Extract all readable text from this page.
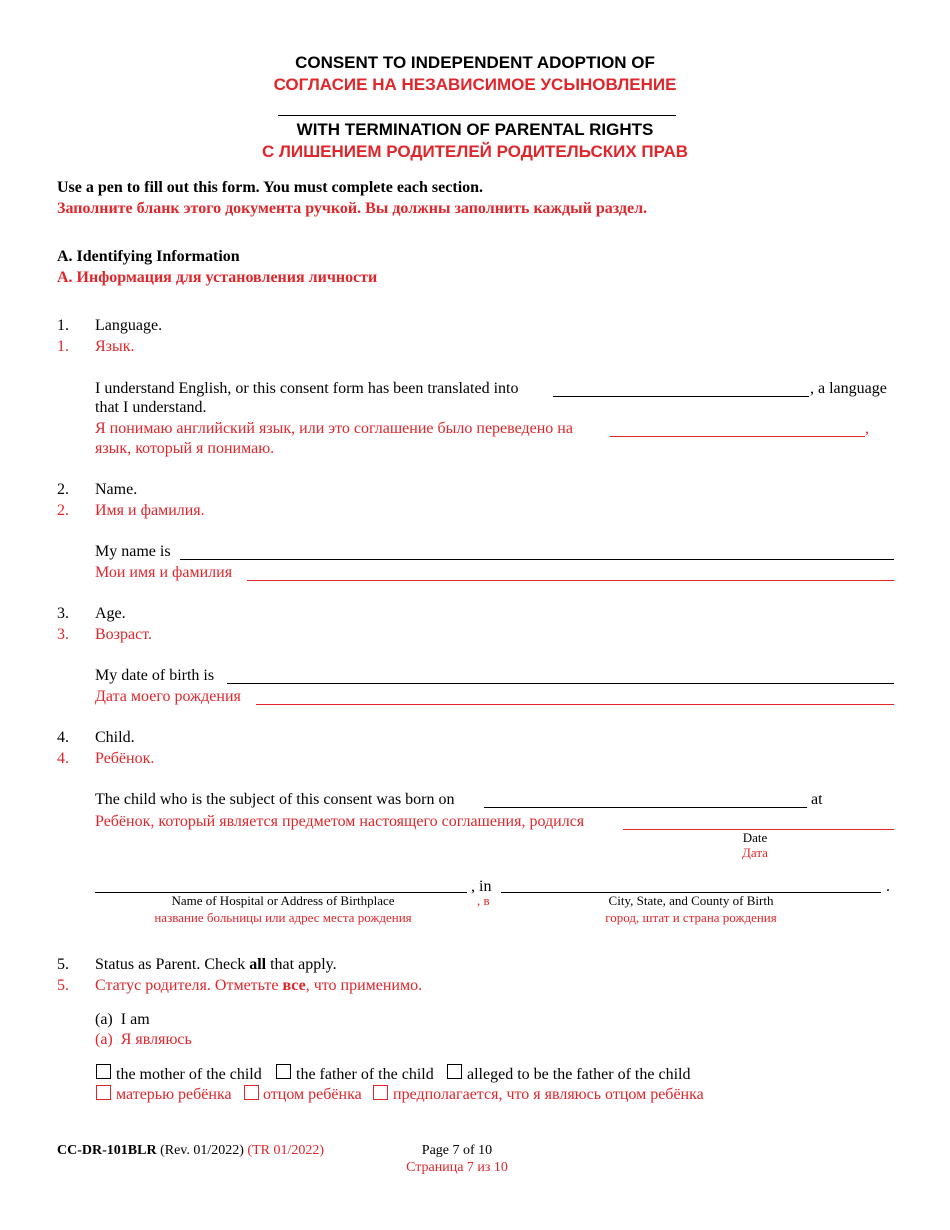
CONSENT TO INDEPENDENT ADOPTION OF
СОГЛАСИЕ НА НЕЗАВИСИМОЕ УСЫНОВЛЕНИЕ
WITH TERMINATION OF PARENTAL RIGHTS
С ЛИШЕНИЕМ РОДИТЕЛЕЙ РОДИТЕЛЬСКИХ ПРАВ
Use a pen to fill out this form. You must complete each section.
Заполните бланк этого документа ручкой. Вы должны заполнить каждый раздел.
A. Identifying Information
A. Информация для установления личности
1. Language.
1. Язык.
I understand English, or this consent form has been translated into	, a language
that I understand.
Я понимаю английский язык, или это соглашение было переведено на	,
язык, который я понимаю.
2. Name.
2. Имя и фамилия.
My name is
Мои имя и фамилия
3. Age.
3. Возраст.
My date of birth is
Дата моего рождения
4. Child.
4. Ребёнок.
The child who is the subject of this consent was born on	at
Ребёнок, который является предметом настоящего соглашения, родился
Date
Дата
, in	.
Name of Hospital or Address of Birthplace
название больницы или адрес места рождения
, в	City, State, and County of Birth
город, штат и страна рождения
5. Status as Parent. Check all that apply.
5. Статус родителя. Отметьте все, что применимо.
(a)  I am
(a)  Я являюсь
the mother of the child the father of the child alleged to be the father of the child
матерью ребёнка отцом ребёнка предполагается, что я являюсь отцом ребёнка
CC-DR-101BLR (Rev. 01/2022) (TR 01/2022)	Page 7 of 10
Страница 7 из 10
